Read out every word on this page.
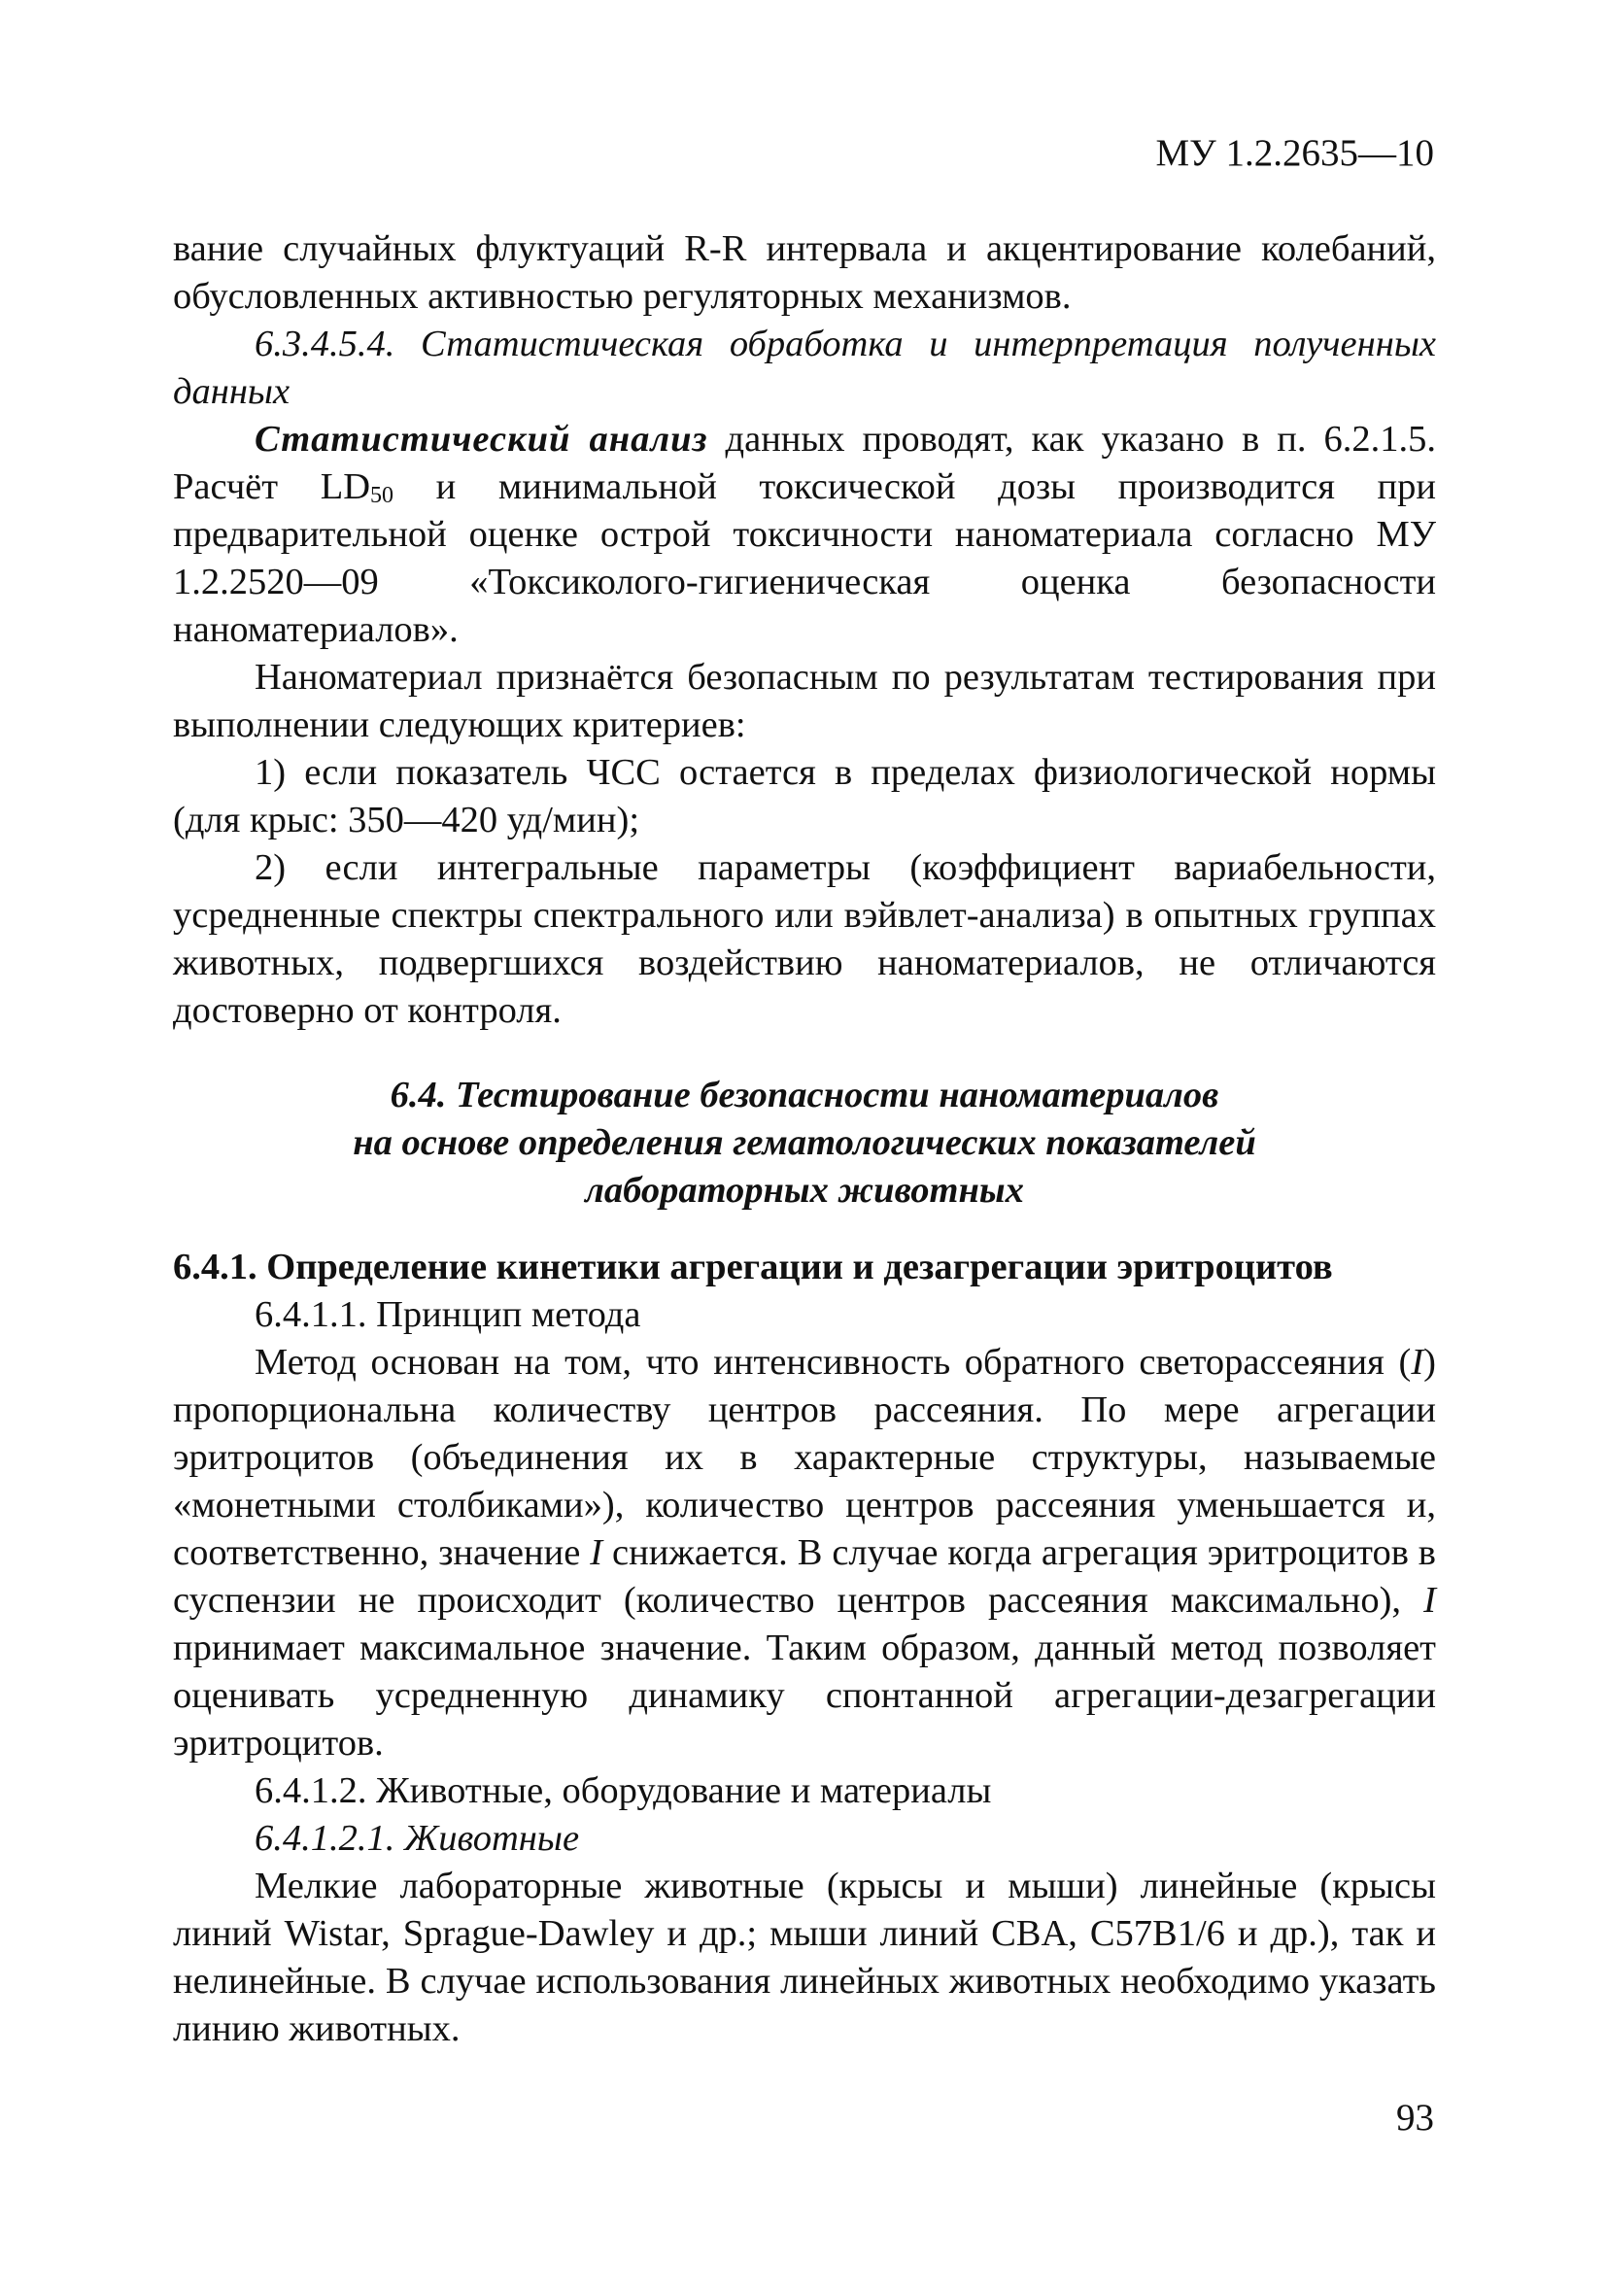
МУ 1.2.2635—10

вание случайных флуктуаций R-R интервала и акцентирование колебаний, обусловленных активностью регуляторных механизмов.

6.3.4.5.4. Статистическая обработка и интерпретация полученных данных

Статистический анализ данных проводят, как указано в п. 6.2.1.5. Расчёт $LD_{50}$ и минимальной токсической дозы производится при предварительной оценке острой токсичности наноматериала согласно МУ 1.2.2520—09 «Токсиколого-гигиеническая оценка безопасности наноматериалов».

Наноматериал признаётся безопасным по результатам тестирования при выполнении следующих критериев:

1) если показатель ЧСС остается в пределах физиологической нормы (для крыс: 350—420 уд/мин);

2) если интегральные параметры (коэффициент вариабельности, усредненные спектры спектрального или вэйвлет-анализа) в опытных группах животных, подвергшихся воздействию наноматериалов, не отличаются достоверно от контроля.

6.4. Тестирование безопасности наноматериалов
на основе определения гематологических показателей
лабораторных животных

6.4.1. Определение кинетики агрегации и дезагрегации эритроцитов

6.4.1.1. Принцип метода

Метод основан на том, что интенсивность обратного светорассеяния (I) пропорциональна количеству центров рассеяния. По мере агрегации эритроцитов (объединения их в характерные структуры, называемые «монетными столбиками»), количество центров рассеяния уменьшается и, соответственно, значение I снижается. В случае когда агрегация эритроцитов в суспензии не происходит (количество центров рассеяния максимально), I принимает максимальное значение. Таким образом, данный метод позволяет оценивать усредненную динамику спонтанной агрегации-дезагрегации эритроцитов.

6.4.1.2. Животные, оборудование и материалы

6.4.1.2.1. Животные

Мелкие лабораторные животные (крысы и мыши) линейные (крысы линий Wistar, Sprague-Dawley и др.; мыши линий CBA, C57B1/6 и др.), так и нелинейные. В случае использования линейных животных необходимо указать линию животных.

93
